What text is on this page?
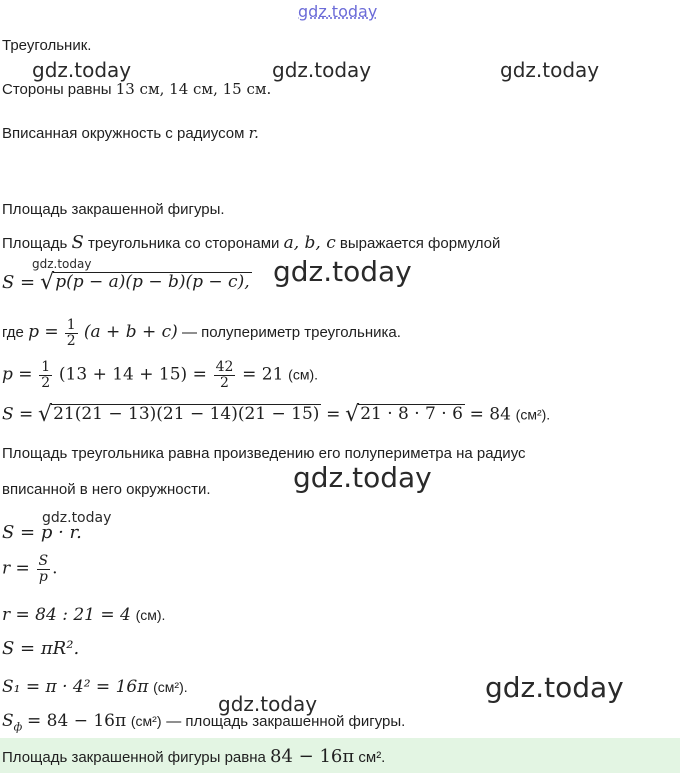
gdz.today
gdz.today	gdz.today	gdz.today
gdz.today	gdz.today
gdz.today
gdz.today
gdz.today
gdz.today
Треугольник.
Стороны равны 13 см, 14 см, 15 см.
Вписанная окружность с радиусом r.
Площадь закрашенной фигуры.
Площадь S треугольника со сторонами a, b, c выражается формулой
S = √ p(p − a)(p − b)(p − c),
где $p = \frac{1}{2} (a + b + c)$ — полупериметр треугольника.
$p = \frac{1}{2} (13 + 14 + 15) = \frac{42}{2} = 21$ (см).
S = √ 21(21 − 13)(21 − 14)(21 − 15) = √ 21 · 8 · 7 · 6 = 84 (см²).
Площадь треугольника равна произведению его полупериметра на радиус
вписанной в него окружности.
S = p · r.
$r = \frac{S}{p}$ .
r = 84 : 21 = 4 (см).
S = πR².
S₁ = π · 4² = 16π (см²).
$S_ф = 84 - 16\pi$ (см²) — площадь закрашенной фигуры.
Площадь закрашенной фигуры равна 84 − 16π см².
